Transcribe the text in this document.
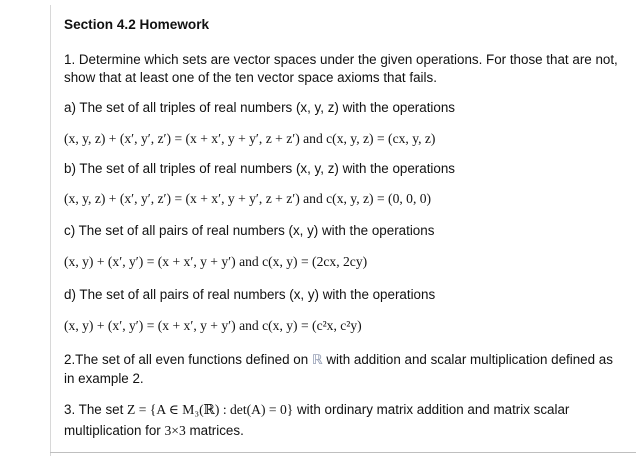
Section 4.2 Homework
1. Determine which sets are vector spaces under the given operations. For those that are not,
show that at least one of the ten vector space axioms that fails.
a) The set of all triples of real numbers (x, y, z) with the operations
(x, y, z) + (x′, y′, z′) = (x + x′, y + y′, z + z′) and c(x, y, z) = (cx, y, z)
b) The set of all triples of real numbers (x, y, z) with the operations
(x, y, z) + (x′, y′, z′) = (x + x′, y + y′, z + z′) and c(x, y, z) = (0, 0, 0)
c) The set of all pairs of real numbers (x, y) with the operations
(x, y) + (x′, y′) = (x + x′, y + y′) and c(x, y) = (2cx, 2cy)
d) The set of all pairs of real numbers (x, y) with the operations
(x, y) + (x′, y′) = (x + x′, y + y′) and c(x, y) = (c²x, c²y)
2.The set of all even functions defined on ℝ with addition and scalar multiplication defined as
in example 2.
3. The set Z = {A ∈ M₃(ℝ) : det(A) = 0} with ordinary matrix addition and matrix scalar
multiplication for 3×3 matrices.
